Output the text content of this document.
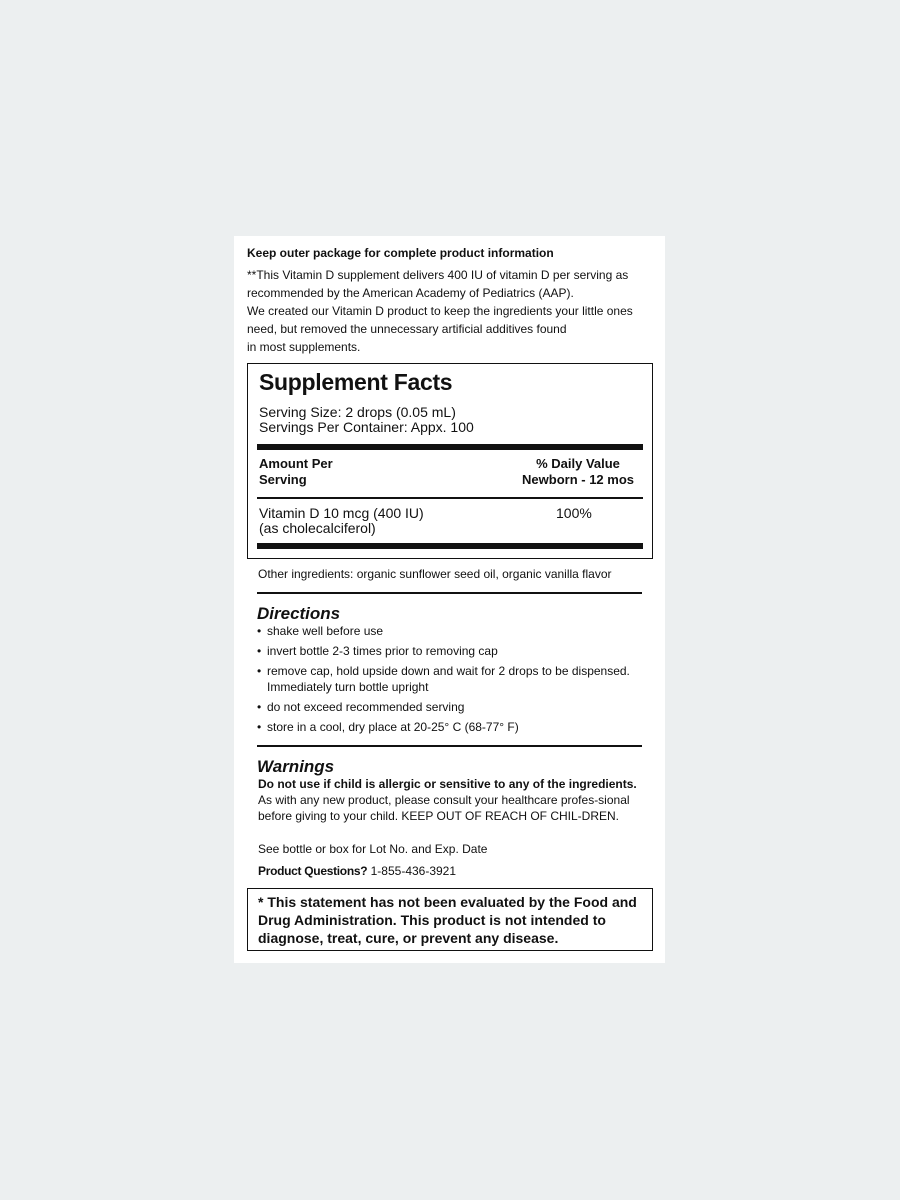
Keep outer package for complete product information

**This Vitamin D supplement delivers 400 IU of vitamin D per serving as

recommended by the American Academy of Pediatrics (AAP).

We created our Vitamin D product to keep the ingredients your little ones

need, but removed the unnecessary artificial additives found

in most supplements.

Supplement Facts
Serving Size: 2 drops (0.05 mL)
Servings Per Container: Appx. 100
Amount Per
Serving
% Daily Value
Newborn - 12 mos
Vitamin D 10 mcg (400 IU)
(as cholecalciferol)
100%
Other ingredients: organic sunflower seed oil, organic vanilla flavor
Directions
• shake well before use
• invert bottle 2-3 times prior to removing cap
• remove cap, hold upside down and wait for 2 drops to be dispensed. Immediately turn bottle upright
• do not exceed recommended serving
• store in a cool, dry place at 20-25° C (68-77° F)
Warnings
Do not use if child is allergic or sensitive to any of the ingredients.
As with any new product, please consult your healthcare profes-sional before giving to your child. KEEP OUT OF REACH OF CHIL-DREN.
See bottle or box for Lot No. and Exp. Date
Product Questions? 1-855-436-3921
* This statement has not been evaluated by the Food and Drug Administration. This product is not intended to diagnose, treat, cure, or prevent any disease.
